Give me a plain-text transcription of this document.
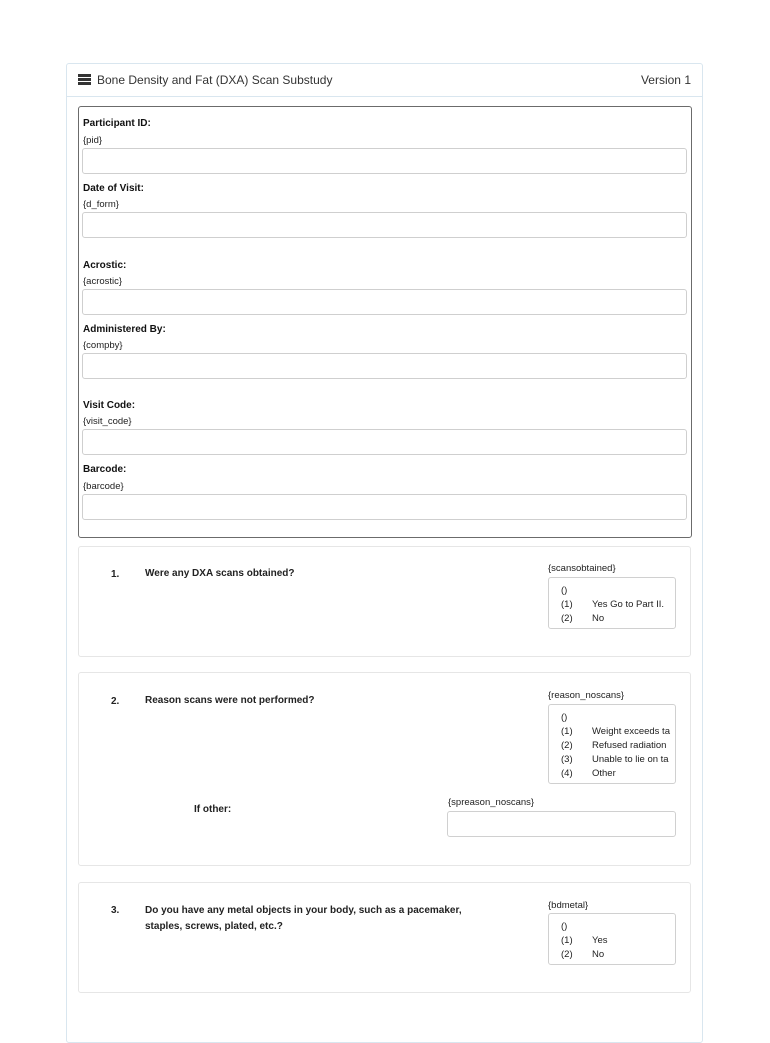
Bone Density and Fat (DXA) Scan Substudy	Version 1
Participant ID:
{pid}
Date of Visit:
{d_form}
Acrostic:
{acrostic}
Administered By:
{compby}
Visit Code:
{visit_code}
Barcode:
{barcode}
1.	Were any DXA scans obtained?	{scansobtained}
()
(1) Yes Go to Part II.
(2) No
2.	Reason scans were not performed?	{reason_noscans}
()
(1) Weight exceeds ta
(2) Refused radiation
(3) Unable to lie on ta
(4) Other
If other:
{spreason_noscans}
3.	Do you have any metal objects in your body, such as a pacemaker,
staples, screws, plated, etc.?
{bdmetal}
()
(1) Yes
(2) No
